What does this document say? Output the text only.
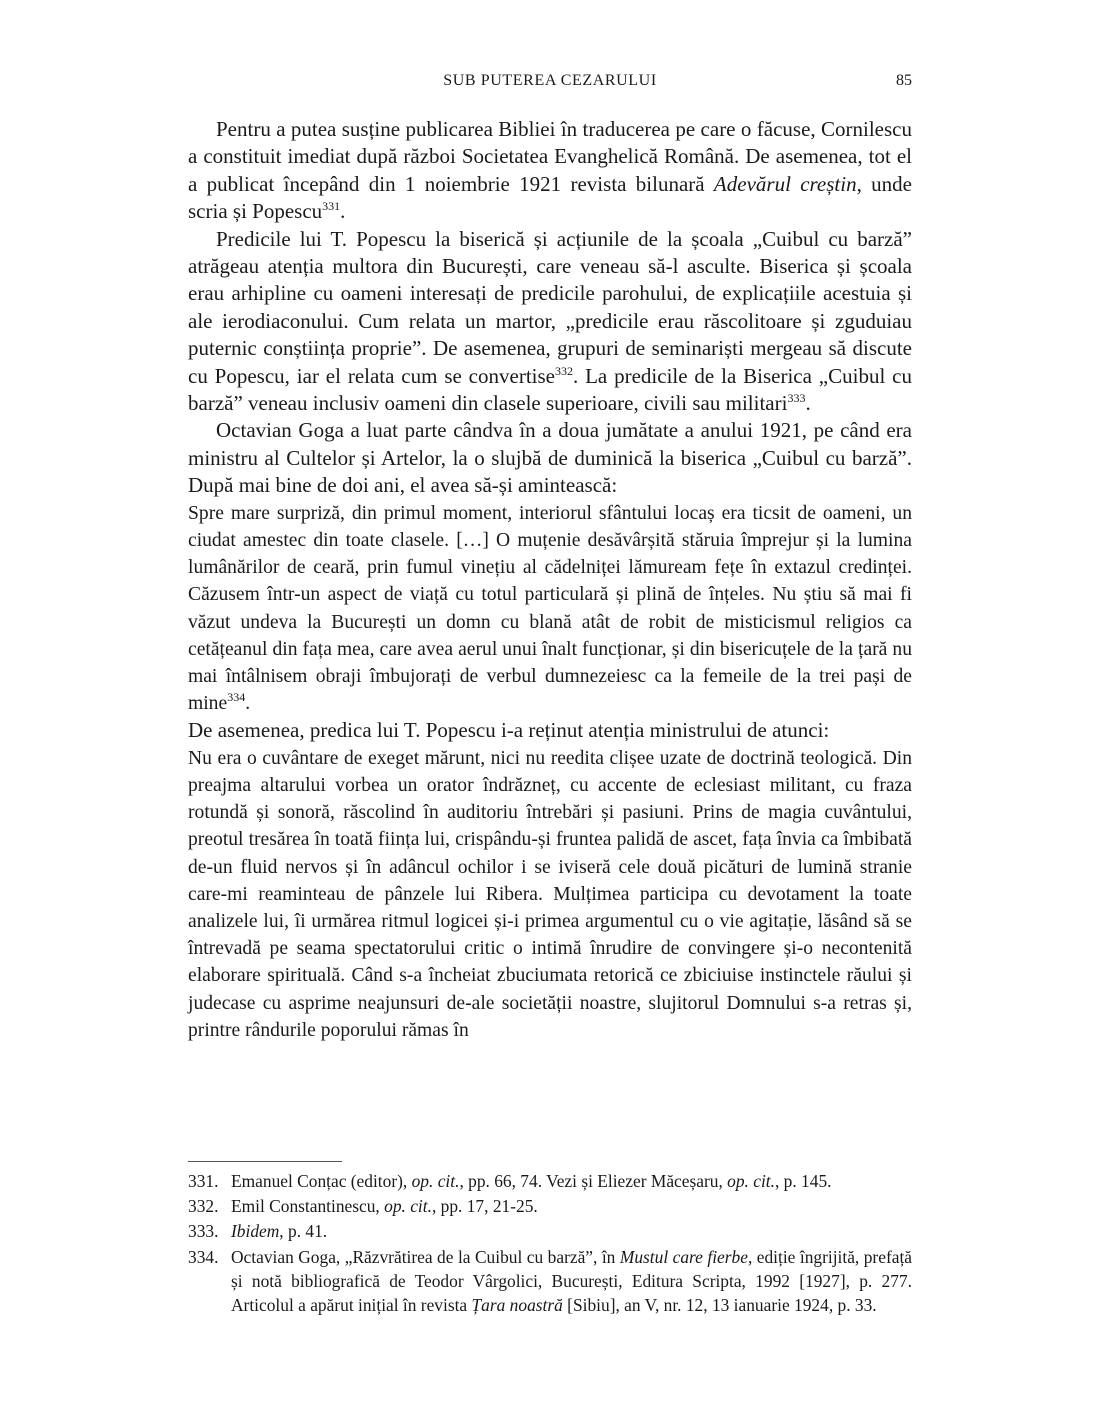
SUB PUTEREA CEZARULUI	85

Pentru a putea susține publicarea Bibliei în traducerea pe care o făcuse, Cornilescu a constituit imediat după război Societatea Evanghelică Română. De asemenea, tot el a publicat începând din 1 noiembrie 1921 revista bilunară Adevărul creștin, unde scria și Popescu$^{331}$.

Predicile lui T. Popescu la biserică și acțiunile de la școala „Cuibul cu barză” atrăgeau atenția multora din București, care veneau să-l asculte. Biserica și școala erau arhipline cu oameni interesați de predicile parohului, de explicațiile acestuia și ale ierodiaconului. Cum relata un martor, „predicile erau răscolitoare și zguduiau puternic conștiința proprie”. De asemenea, grupuri de seminariști mergeau să discute cu Popescu, iar el relata cum se convertise$^{332}$. La predicile de la Biserica „Cuibul cu barză” veneau inclusiv oameni din clasele superioare, civili sau militari$^{333}$.

Octavian Goga a luat parte cândva în a doua jumătate a anului 1921, pe când era ministru al Cultelor și Artelor, la o slujbă de duminică la biserica „Cuibul cu barză”. După mai bine de doi ani, el avea să-și amintească:

Spre mare surpriză, din primul moment, interiorul sfântului locaș era ticsit de oameni, un ciudat amestec din toate clasele. […] O muțenie desăvârșită stăruia împrejur și la lumina lumânărilor de ceară, prin fumul vinețiu al cădelniței lămuream fețe în extazul credinței. Căzusem într-un aspect de viață cu totul particulară și plină de înțeles. Nu știu să mai fi văzut undeva la București un domn cu blană atât de robit de misticismul religios ca cetățeanul din fața mea, care avea aerul unui înalt funcționar, și din bisericuțele de la țară nu mai întâlnisem obraji îmbujorați de verbul dumnezeiesc ca la femeile de la trei pași de mine$^{334}$.

De asemenea, predica lui T. Popescu i-a reținut atenția ministrului de atunci:

Nu era o cuvântare de exeget mărunt, nici nu reedita clișee uzate de doctrină teologică. Din preajma altarului vorbea un orator îndrăzneț, cu accente de eclesiast militant, cu fraza rotundă și sonoră, răscolind în auditoriu întrebări și pasiuni. Prins de magia cuvântului, preotul tresărea în toată ființa lui, crispându-și fruntea palidă de ascet, fața învia ca îmbibată de-un fluid nervos și în adâncul ochilor i se iviseră cele două picături de lumină stranie care-mi reaminteau de pânzele lui Ribera. Mulțimea participa cu devotament la toate analizele lui, îi urmărea ritmul logicei și-i primea argumentul cu o vie agitație, lăsând să se întrevadă pe seama spectatorului critic o intimă înrudire de convingere și-o necontenită elaborare spirituală. Când s-a încheiat zbuciumata retorică ce zbiciuise instinctele răului și judecase cu asprime neajunsuri de-ale societății noastre, slujitorul Domnului s-a retras și, printre rândurile poporului rămas în

331. Emanuel Conțac (editor), op. cit., pp. 66, 74. Vezi și Eliezer Măceșaru, op. cit., p. 145.
332. Emil Constantinescu, op. cit., pp. 17, 21-25.
333. Ibidem, p. 41.
334. Octavian Goga, „Răzvrătirea de la Cuibul cu barză”, în Mustul care fierbe, ediție îngrijită, prefață și notă bibliografică de Teodor Vârgolici, București, Editura Scripta, 1992 [1927], p. 277. Articolul a apărut inițial în revista Țara noastră [Sibiu], an V, nr. 12, 13 ianuarie 1924, p. 33.
